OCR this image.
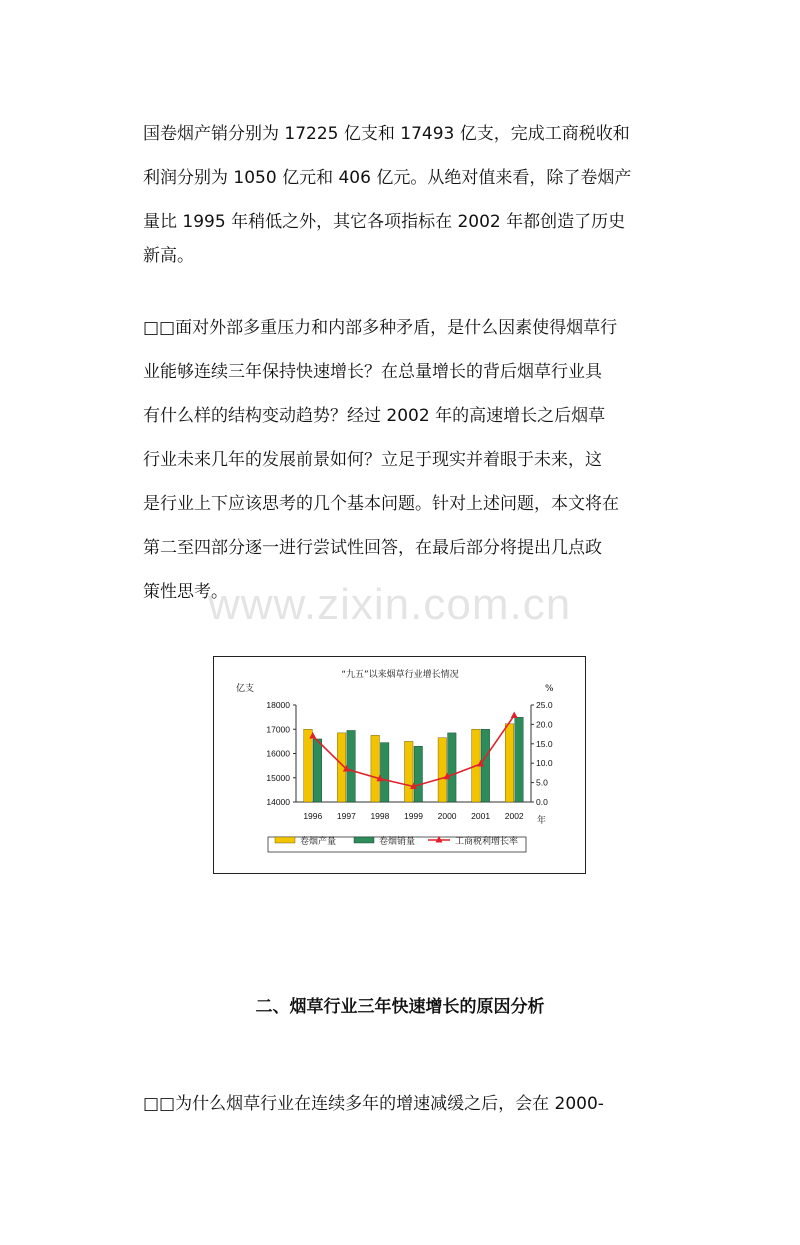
国卷烟产销分别为 17225 亿支和 17493 亿支，完成工商税收和
利润分别为 1050 亿元和 406 亿元。从绝对值来看，除了卷烟产
量比 1995 年稍低之外，其它各项指标在 2002 年都创造了历史
新高。
□□面对外部多重压力和内部多种矛盾，是什么因素使得烟草行
业能够连续三年保持快速增长？在总量增长的背后烟草行业具
有什么样的结构变动趋势？经过 2002 年的高速增长之后烟草
行业未来几年的发展前景如何？立足于现实并着眼于未来，这
是行业上下应该思考的几个基本问题。针对上述问题，本文将在
第二至四部分逐一进行尝试性回答，在最后部分将提出几点政
策性思考。
www.zixin.com.cn
“九五”以来烟草行业增长情况
亿支	%
年
18000
17000
16000
15000
14000
25.0
20.0
15.0
10.0
5.0
0.0
1996 1997 1998 1999 2000 2001 2002
卷烟产量	卷烟销量	工商税利增长率
二、烟草行业三年快速增长的原因分析
□□为什么烟草行业在连续多年的增速减缓之后，会在 2000-
